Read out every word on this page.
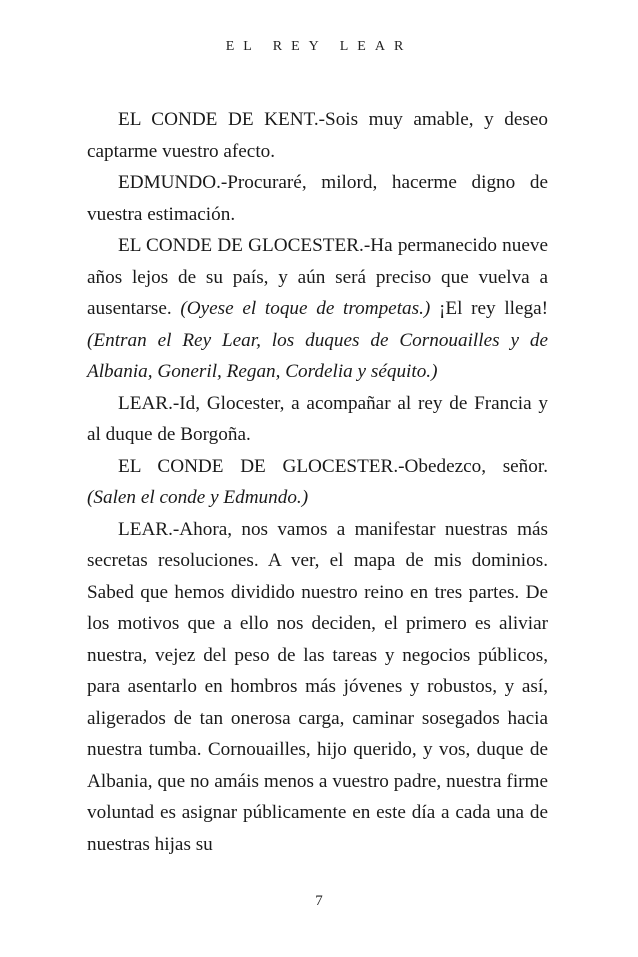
EL REY LEAR

EL CONDE DE KENT.-Sois muy amable, y deseo captarme vuestro afecto.

EDMUNDO.-Procuraré, milord, hacerme digno de vuestra estimación.

EL CONDE DE GLOCESTER.-Ha permanecido nueve años lejos de su país, y aún será preciso que vuelva a ausentarse. (Oyese el toque de trompetas.) ¡El rey llega! (Entran el Rey Lear, los duques de Cornouailles y de Albania, Goneril, Regan, Cordelia y séquito.)

LEAR.-Id, Glocester, a acompañar al rey de Francia y al duque de Borgoña.

EL CONDE DE GLOCESTER.-Obedezco, señor. (Salen el conde y Edmundo.)

LEAR.-Ahora, nos vamos a manifestar nuestras más secretas resoluciones. A ver, el mapa de mis dominios. Sabed que hemos dividido nuestro reino en tres partes. De los motivos que a ello nos deciden, el primero es aliviar nuestra, vejez del peso de las tareas y negocios públicos, para asentarlo en hombros más jóvenes y robustos, y así, aligerados de tan onerosa carga, caminar sosegados hacia nuestra tumba. Cornouailles, hijo querido, y vos, duque de Albania, que no amáis menos a vuestro padre, nuestra firme voluntad es asignar públicamente en este día a cada una de nuestras hijas su

7
